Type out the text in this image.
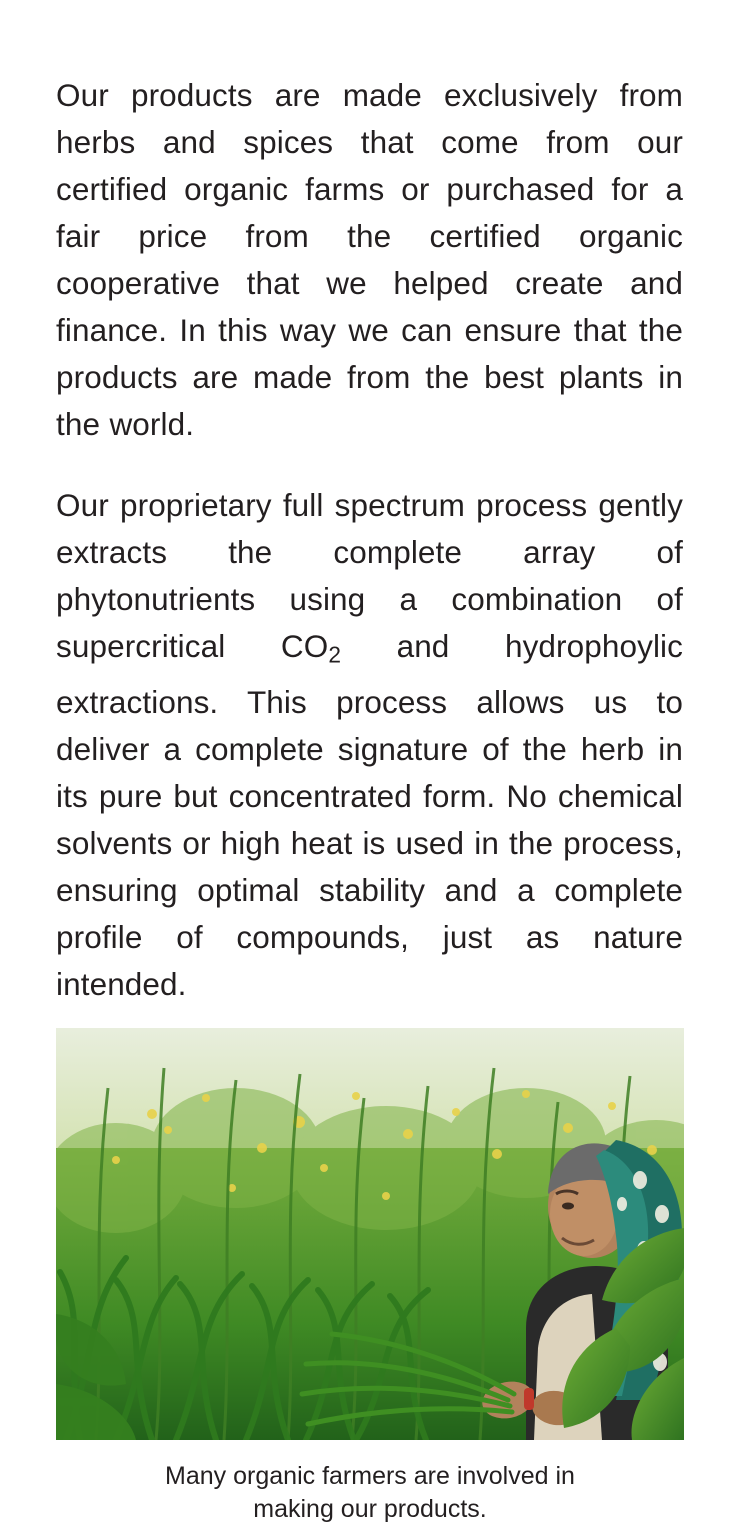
Our products are made exclusively from herbs and spices that come from our certified organic farms or purchased for a fair price from the certified organic cooperative that we helped create and finance. In this way we can ensure that the products are made from the best plants in the world.

Our proprietary full spectrum process gently extracts the complete array of phytonutrients using a combination of supercritical $CO_2$ and hydrophoylic extractions. This process allows us to deliver a complete signature of the herb in its pure but concentrated form. No chemical solvents or high heat is used in the process, ensuring optimal stability and a complete profile of compounds, just as nature intended.

Many organic farmers are involved in
making our products.
